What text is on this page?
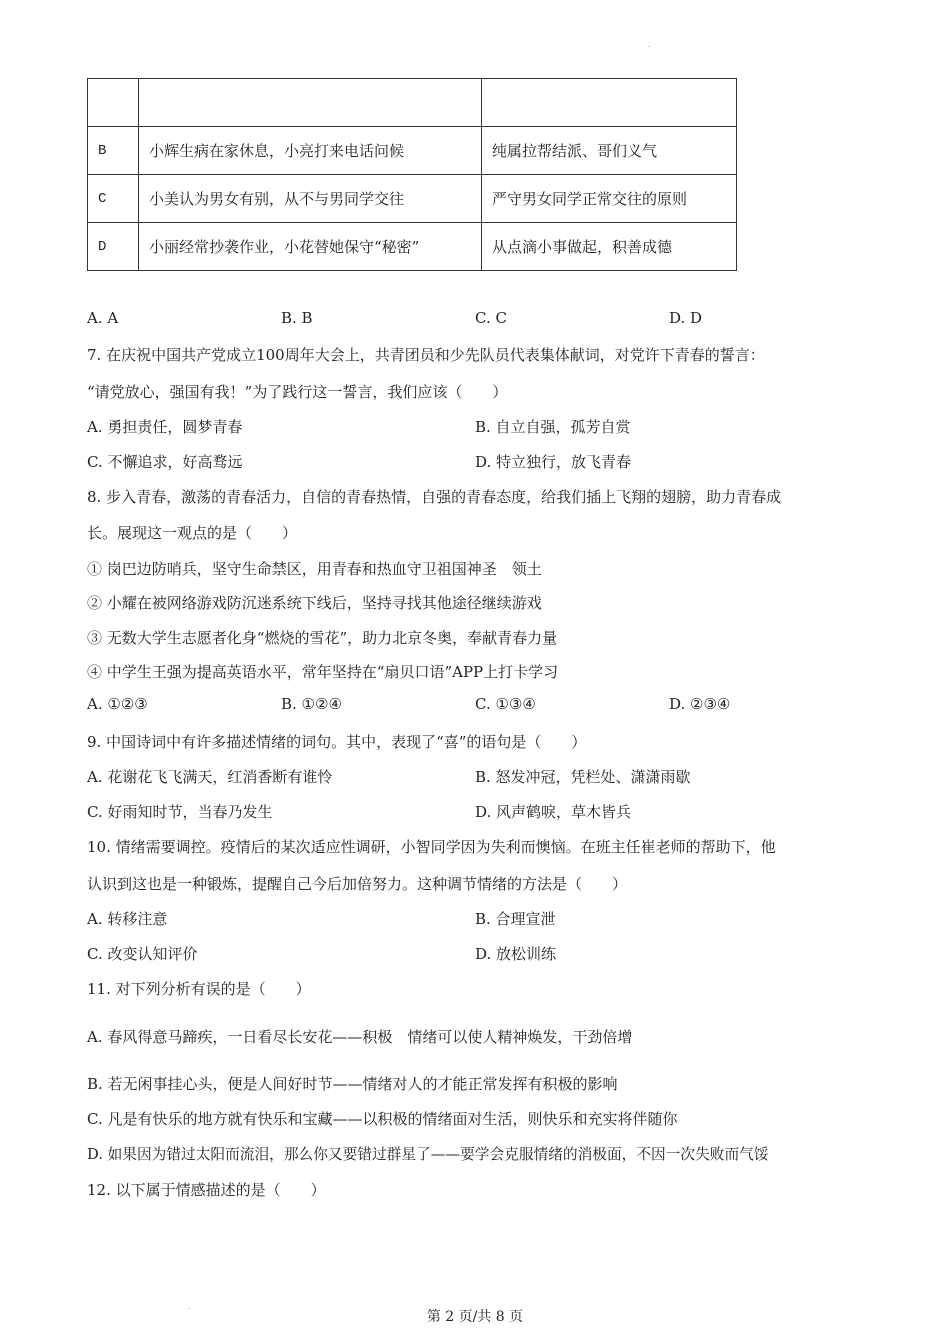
.
.

B	小辉生病在家休息，小亮打来电话问候	纯属拉帮结派、哥们义气
C	小美认为男女有别，从不与男同学交往	严守男女同学正常交往的原则
D	小丽经常抄袭作业，小花替她保守“秘密”	从点滴小事做起，积善成德
A. A	B. B	C. C	D. D
7. 在庆祝中国共产党成立100周年大会上，共青团员和少先队员代表集体献词，对党许下青春的誓言：
“请党放心，强国有我！”为了践行这一誓言，我们应该（　　）
A. 勇担责任，圆梦青春	B. 自立自强，孤芳自赏
C. 不懈追求，好高骛远	D. 特立独行，放飞青春
8. 步入青春，激荡的青春活力，自信的青春热情，自强的青春态度，给我们插上飞翔的翅膀，助力青春成
长。展现这一观点的是（　　）
① 岗巴边防哨兵，坚守生命禁区，用青春和热血守卫祖国神圣　领土
② 小耀在被网络游戏防沉迷系统下线后，坚持寻找其他途径继续游戏
③ 无数大学生志愿者化身“燃烧的雪花”，助力北京冬奥，奉献青春力量
④ 中学生王强为提高英语水平，常年坚持在“扇贝口语”APP上打卡学习
A. ①②③	B. ①②④	C. ①③④	D. ②③④
9. 中国诗词中有许多描述情绪的词句。其中，表现了“喜”的语句是（　　）
A. 花谢花飞飞满天，红消香断有谁怜	B. 怒发冲冠，凭栏处、潇潇雨歇
C. 好雨知时节，当春乃发生	D. 风声鹤唳，草木皆兵
10. 情绪需要调控。疫情后的某次适应性调研，小智同学因为失利而懊恼。在班主任崔老师的帮助下，他
认识到这也是一种锻炼，提醒自己今后加倍努力。这种调节情绪的方法是（　　）
A. 转移注意	B. 合理宣泄
C. 改变认知评价	D. 放松训练
11. 对下列分析有误的是（　　）
A. 春风得意马蹄疾，一日看尽长安花——积极　情绪可以使人精神焕发，干劲倍增
B. 若无闲事挂心头，便是人间好时节——情绪对人的才能正常发挥有积极的影响
C. 凡是有快乐的地方就有快乐和宝藏——以积极的情绪面对生活，则快乐和充实将伴随你
D. 如果因为错过太阳而流泪，那么你又要错过群星了——要学会克服情绪的消极面，不因一次失败而气馁
12. 以下属于情感描述的是（　　）
第 2 页/共 8 页
